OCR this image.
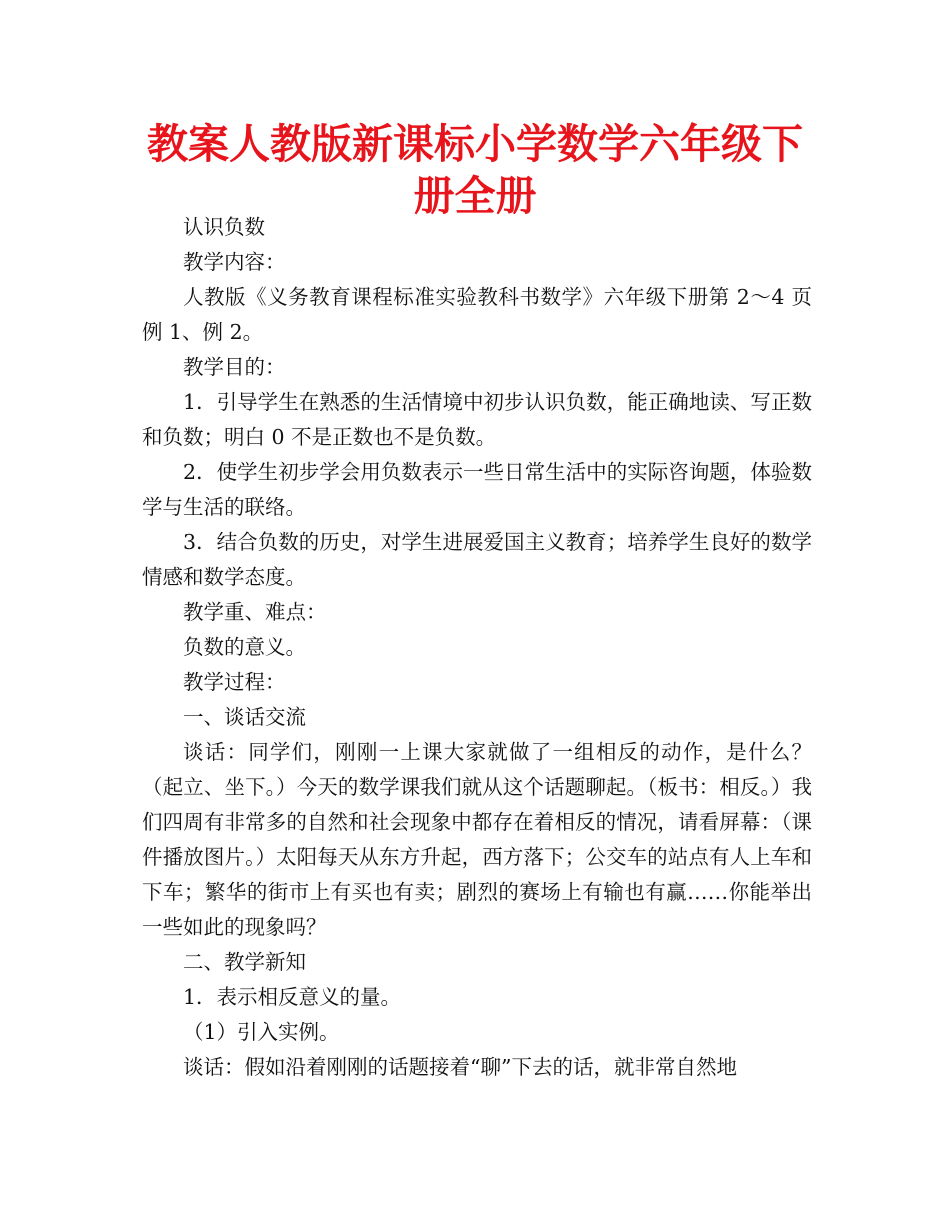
教案人教版新课标小学数学六年级下册全册

认识负数

教学内容：

人教版《义务教育课程标准实验教科书数学》六年级下册第 2～4 页例 1、例 2。

教学目的：

1．引导学生在熟悉的生活情境中初步认识负数，能正确地读、写正数和负数；明白 0 不是正数也不是负数。

2．使学生初步学会用负数表示一些日常生活中的实际咨询题，体验数学与生活的联络。

3．结合负数的历史，对学生进展爱国主义教育；培养学生良好的数学情感和数学态度。

教学重、难点：

负数的意义。

教学过程：

一、谈话交流

谈话：同学们，刚刚一上课大家就做了一组相反的动作，是什么？（起立、坐下。）今天的数学课我们就从这个话题聊起。（板书：相反。）我们四周有非常多的自然和社会现象中都存在着相反的情况，请看屏幕：（课件播放图片。）太阳每天从东方升起，西方落下；公交车的站点有人上车和下车；繁华的街市上有买也有卖；剧烈的赛场上有输也有赢……你能举出一些如此的现象吗？

二、教学新知

1．表示相反意义的量。

（1）引入实例。

谈话：假如沿着刚刚的话题接着“聊”下去的话，就非常自然地
